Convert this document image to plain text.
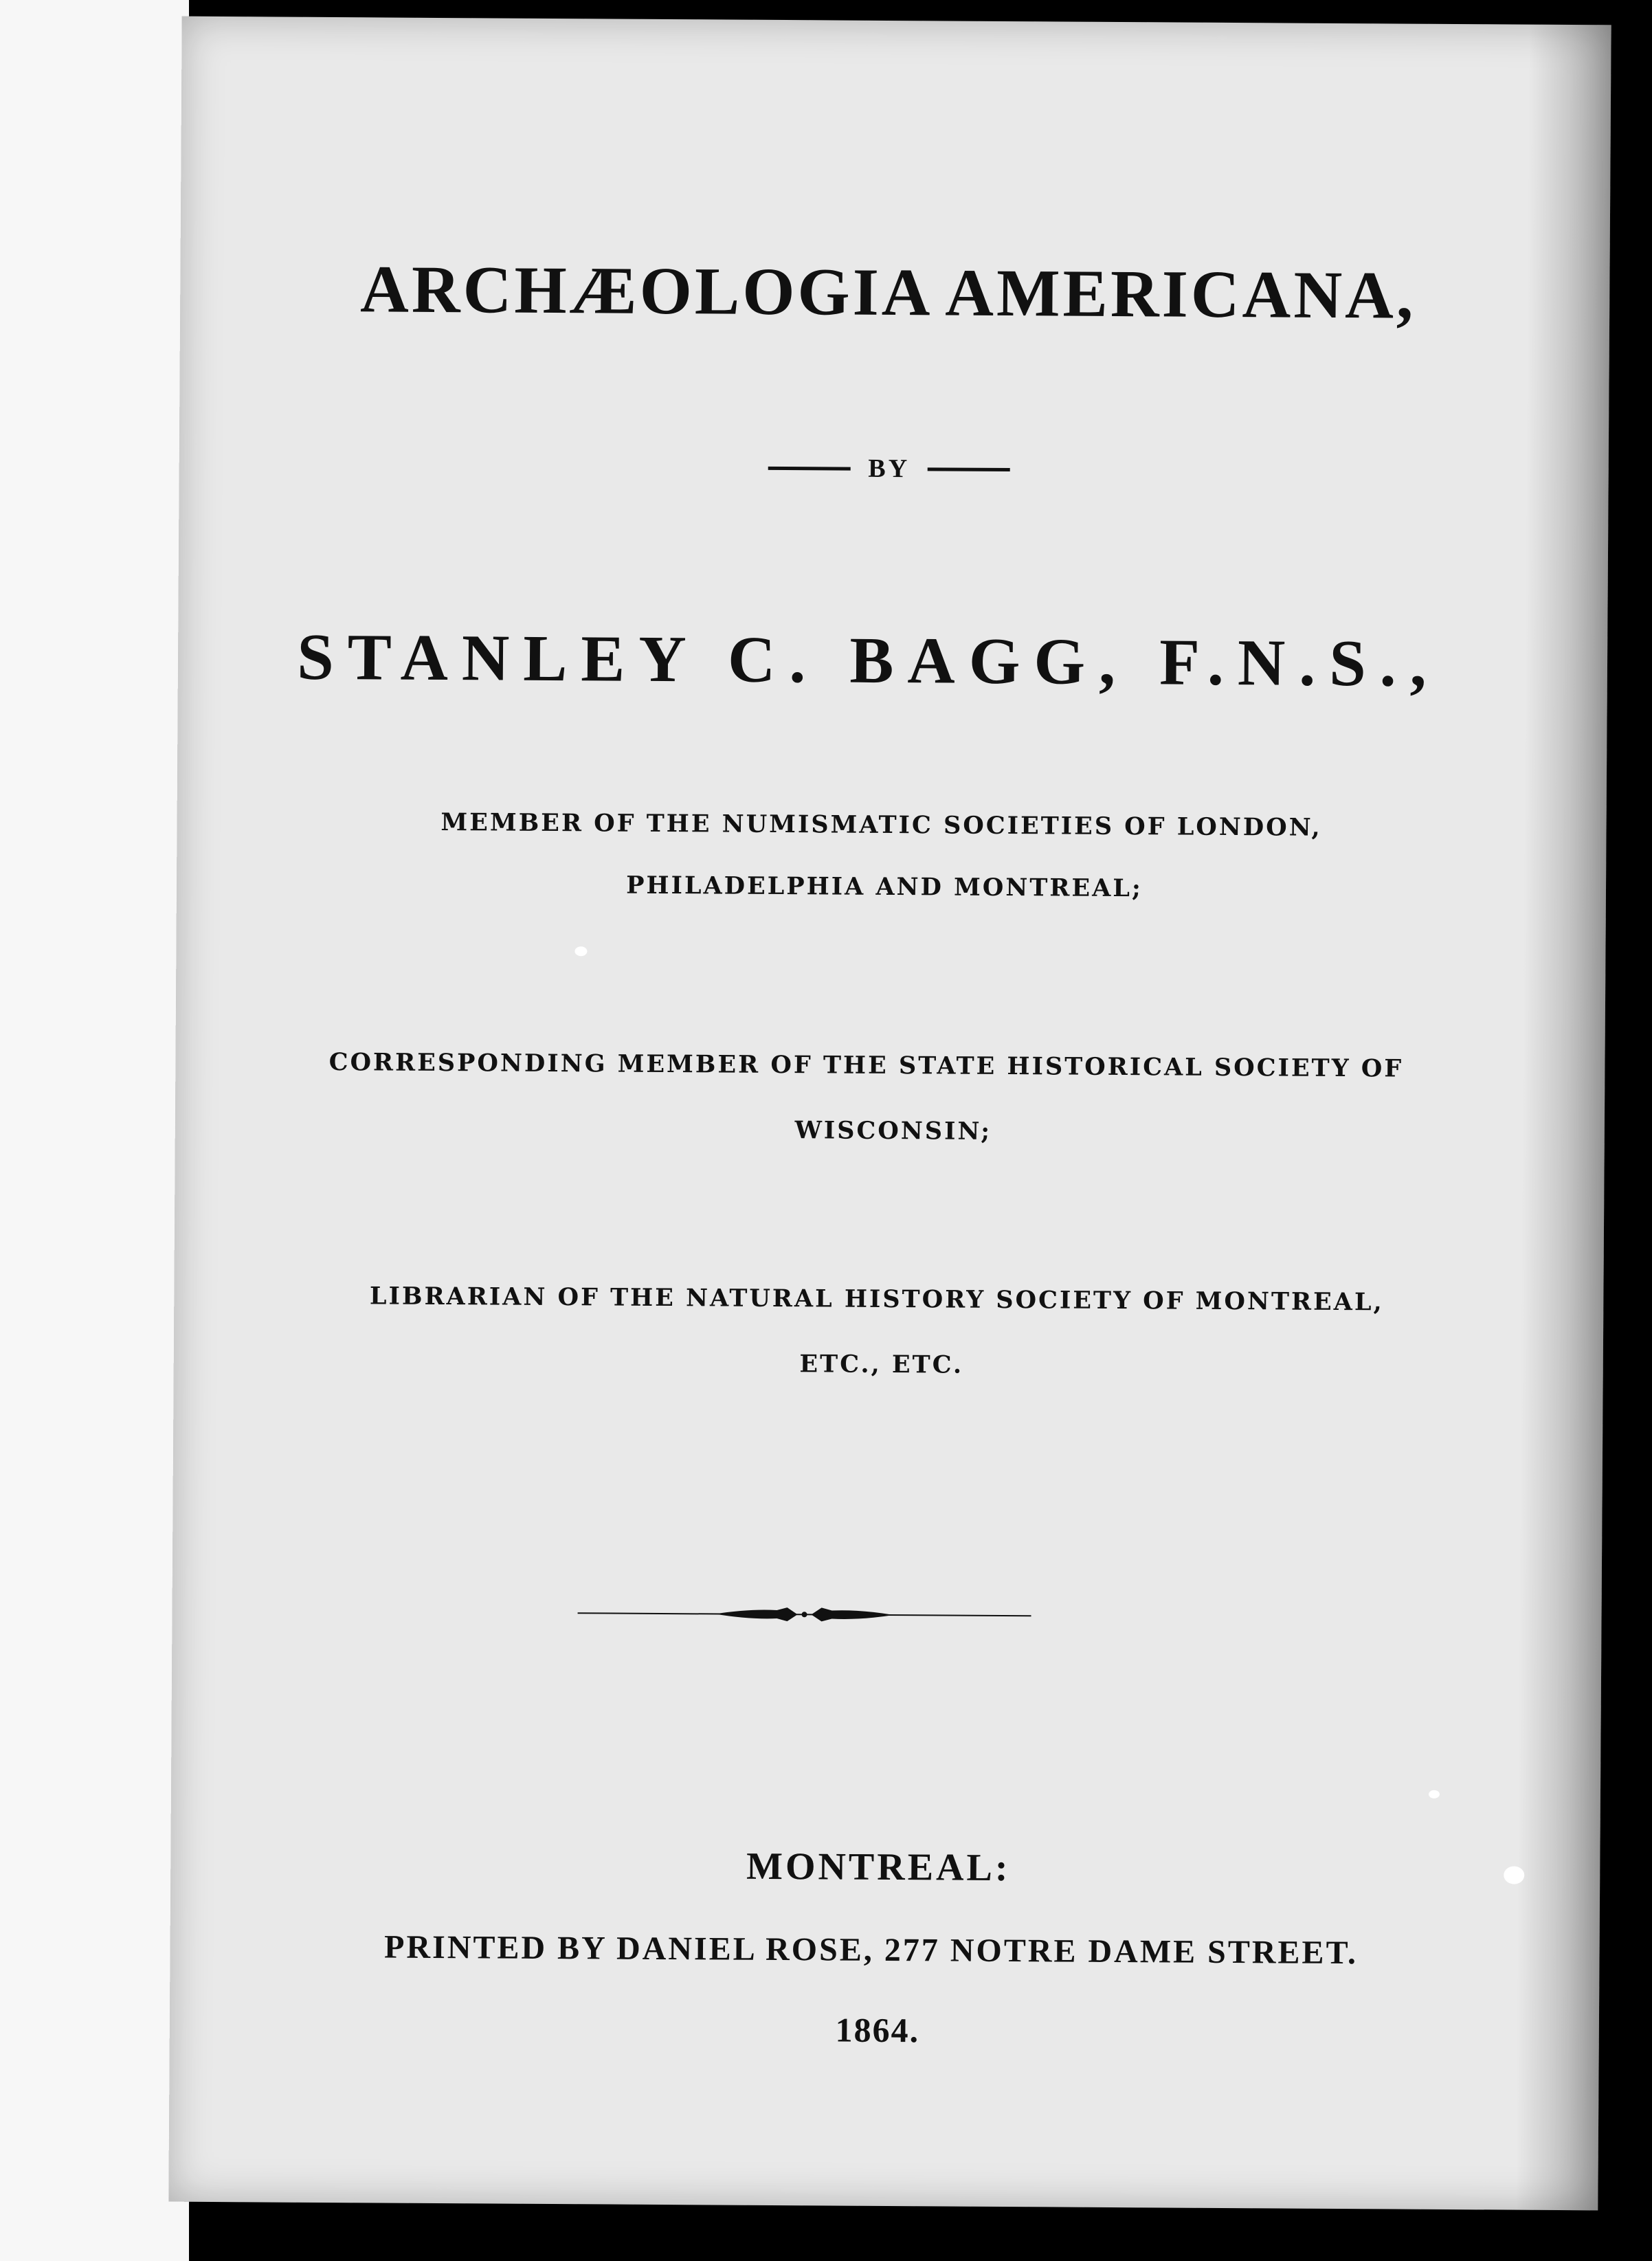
ARCHÆOLOGIA AMERICANA,
BY
STANLEY C. BAGG, F.N.S.,

MEMBER OF THE NUMISMATIC SOCIETIES OF LONDON,

PHILADELPHIA AND MONTREAL;

CORRESPONDING MEMBER OF THE STATE HISTORICAL SOCIETY OF

WISCONSIN;

LIBRARIAN OF THE NATURAL HISTORY SOCIETY OF MONTREAL,

ETC., ETC.

MONTREAL:

PRINTED BY DANIEL ROSE, 277 NOTRE DAME STREET.

1864.
